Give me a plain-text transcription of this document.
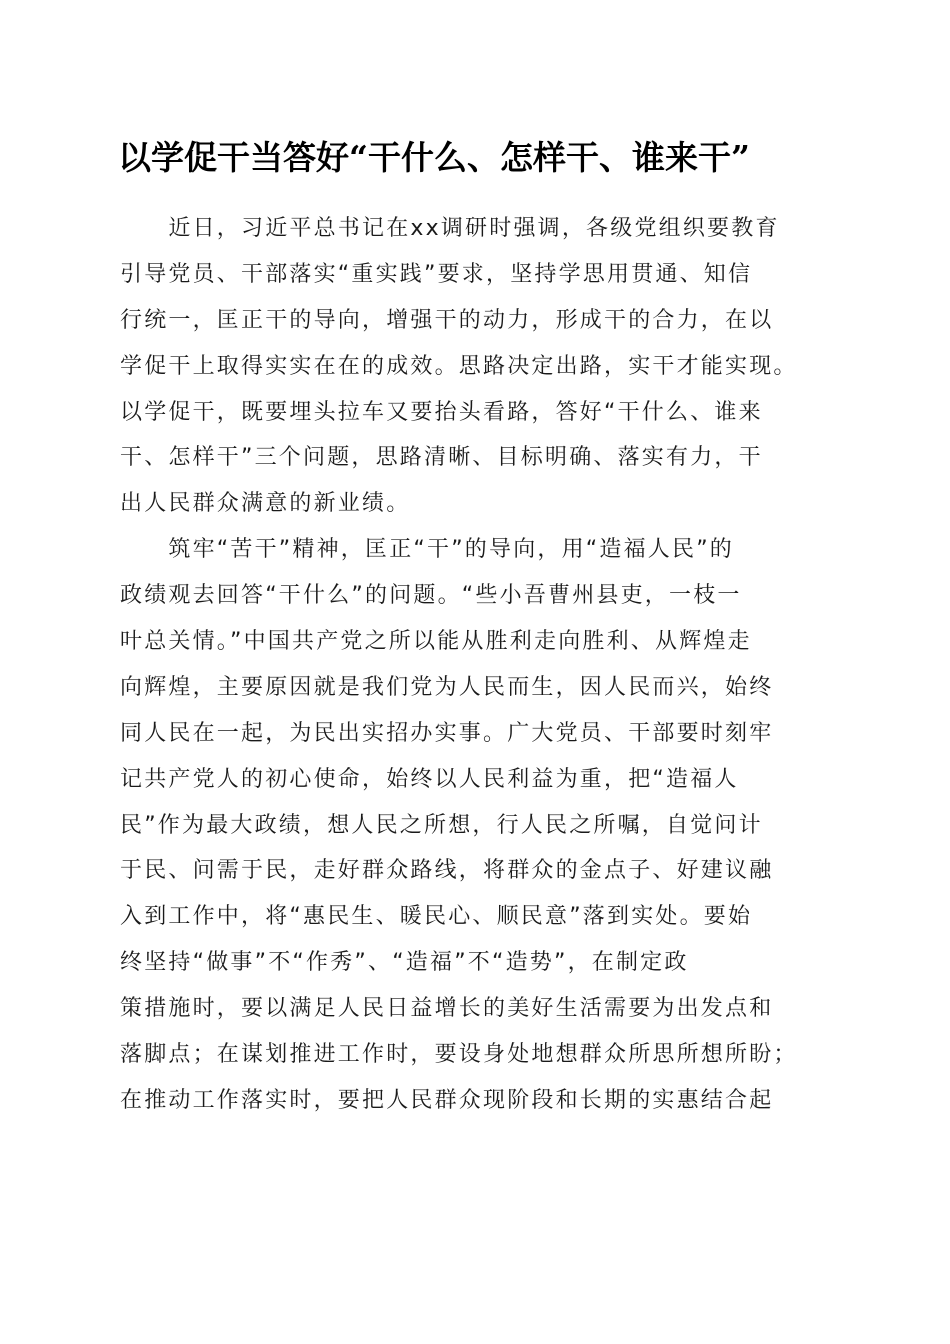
以学促干当答好“干什么、怎样干、谁来干”
　　近日，习近平总书记在xx调研时强调，各级党组织要教育
引导党员、干部落实“重实践”要求，坚持学思用贯通、知信
行统一，匡正干的导向，增强干的动力，形成干的合力，在以
学促干上取得实实在在的成效。思路决定出路，实干才能实现。
以学促干，既要埋头拉车又要抬头看路，答好“干什么、谁来
干、怎样干”三个问题，思路清晰、目标明确、落实有力，干
出人民群众满意的新业绩。
　　筑牢“苦干”精神，匡正“干”的导向，用“造福人民”的
政绩观去回答“干什么”的问题。“些小吾曹州县吏，一枝一
叶总关情。”中国共产党之所以能从胜利走向胜利、从辉煌走
向辉煌，主要原因就是我们党为人民而生，因人民而兴，始终
同人民在一起，为民出实招办实事。广大党员、干部要时刻牢
记共产党人的初心使命，始终以人民利益为重，把“造福人
民”作为最大政绩，想人民之所想，行人民之所嘱，自觉问计
于民、问需于民，走好群众路线，将群众的金点子、好建议融
入到工作中，将“惠民生、暖民心、顺民意”落到实处。要始
终坚持“做事”不“作秀”、“造福”不“造势”，在制定政
策措施时，要以满足人民日益增长的美好生活需要为出发点和
落脚点；在谋划推进工作时，要设身处地想群众所思所想所盼；
在推动工作落实时，要把人民群众现阶段和长期的实惠结合起
